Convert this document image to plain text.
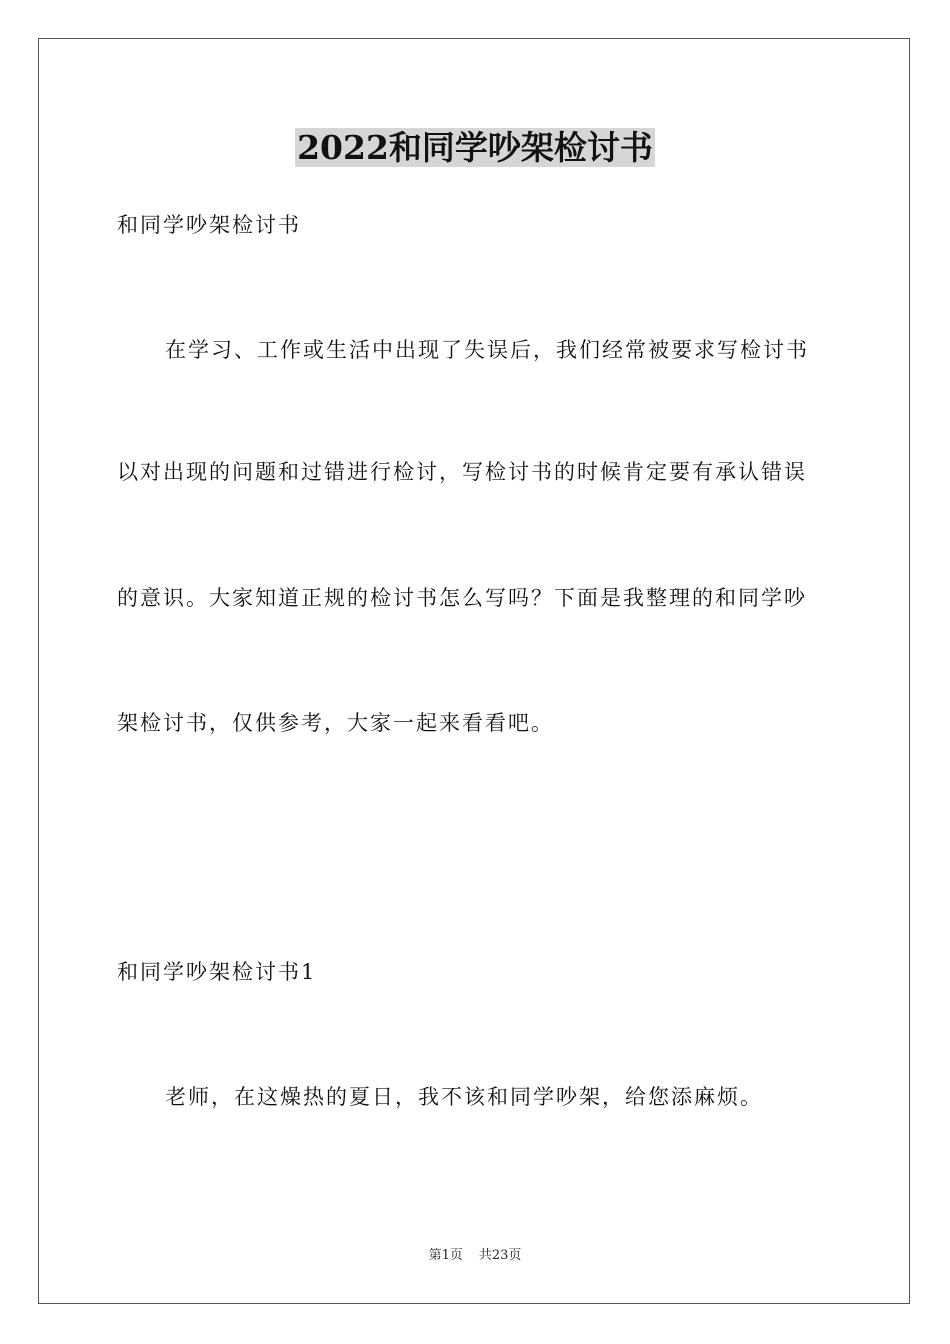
2022和同学吵架检讨书
和同学吵架检讨书
在学习、工作或生活中出现了失误后，我们经常被要求写检讨书
以对出现的问题和过错进行检讨，写检讨书的时候肯定要有承认错误
的意识。大家知道正规的检讨书怎么写吗？下面是我整理的和同学吵
架检讨书，仅供参考，大家一起来看看吧。
和同学吵架检讨书1
老师，在这燥热的夏日，我不该和同学吵架，给您添麻烦。
第1页 共23页
